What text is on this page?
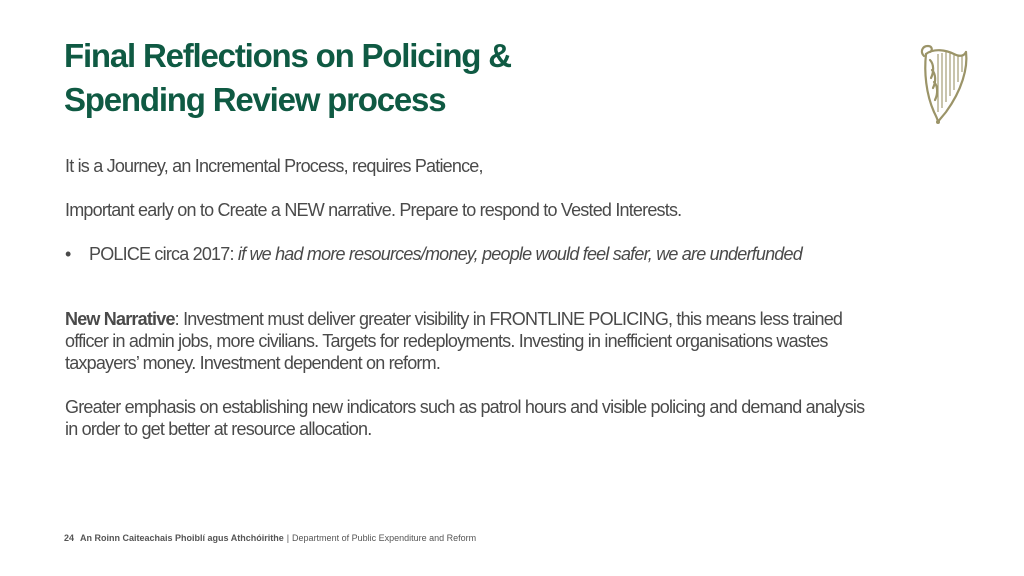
Final Reflections on Policing &
Spending Review process

It is a Journey, an Incremental Process, requires Patience,

Important early on to Create a NEW narrative. Prepare to respond to Vested Interests.

• POLICE circa 2017: if we had more resources/money, people would feel safer, we are underfunded

New Narrative: Investment must deliver greater visibility in FRONTLINE POLICING, this means less trained officer in admin jobs, more civilians. Targets for redeployments. Investing in inefficient organisations wastes taxpayers’ money. Investment dependent on reform.

Greater emphasis on establishing new indicators such as patrol hours and visible policing and demand analysis in order to get better at resource allocation.

24 An Roinn Caiteachais Phoiblí agus Athchóirithe | Department of Public Expenditure and Reform
